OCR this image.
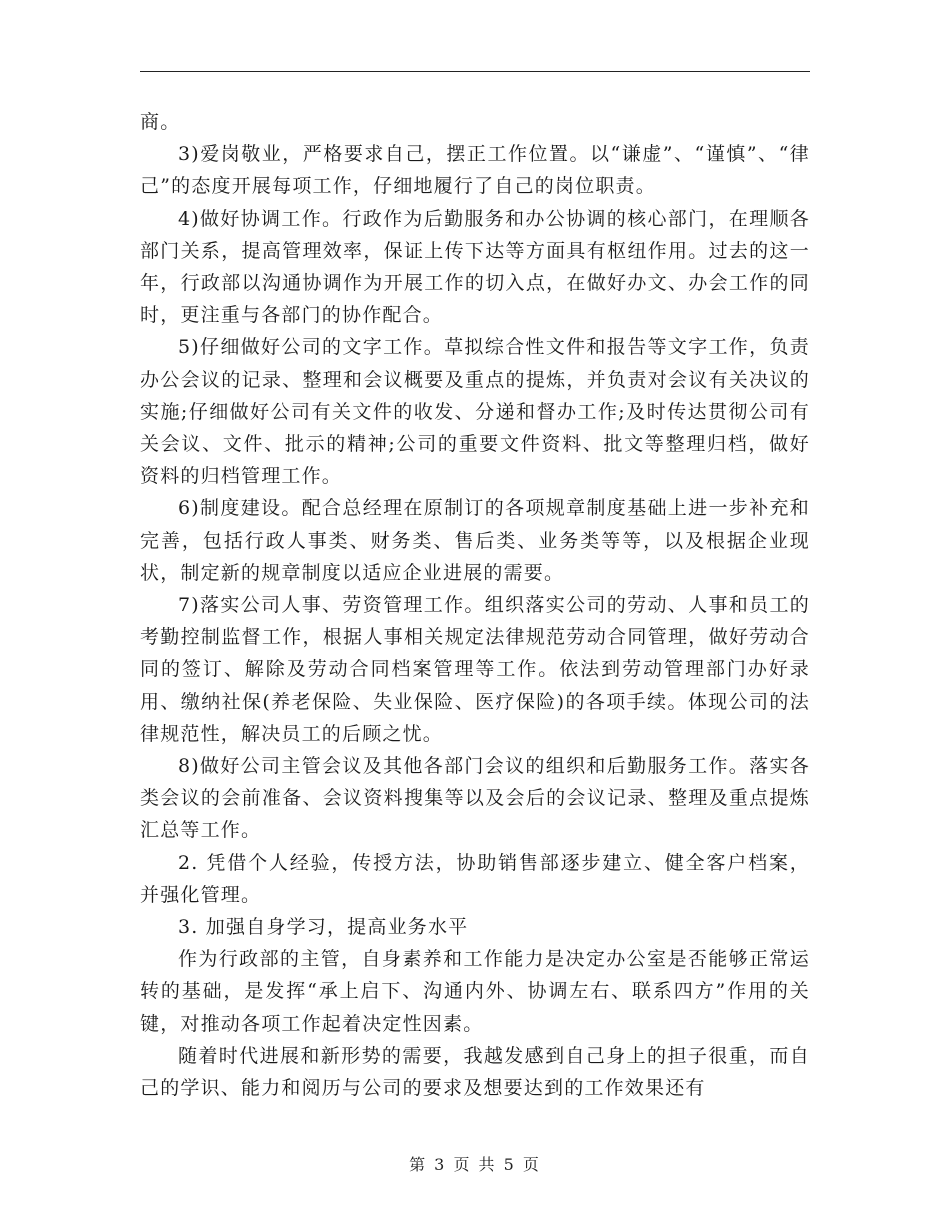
商。

3)爱岗敬业，严格要求自己，摆正工作位置。以“谦虚”、“谨慎”、“律己”的态度开展每项工作，仔细地履行了自己的岗位职责。

4)做好协调工作。行政作为后勤服务和办公协调的核心部门，在理顺各部门关系，提高管理效率，保证上传下达等方面具有枢纽作用。过去的这一年，行政部以沟通协调作为开展工作的切入点，在做好办文、办会工作的同时，更注重与各部门的协作配合。

5)仔细做好公司的文字工作。草拟综合性文件和报告等文字工作，负责办公会议的记录、整理和会议概要及重点的提炼，并负责对会议有关决议的实施;仔细做好公司有关文件的收发、分递和督办工作;及时传达贯彻公司有关会议、文件、批示的精神;公司的重要文件资料、批文等整理归档，做好资料的归档管理工作。

6)制度建设。配合总经理在原制订的各项规章制度基础上进一步补充和完善，包括行政人事类、财务类、售后类、业务类等等，以及根据企业现状，制定新的规章制度以适应企业进展的需要。

7)落实公司人事、劳资管理工作。组织落实公司的劳动、人事和员工的考勤控制监督工作，根据人事相关规定法律规范劳动合同管理，做好劳动合同的签订、解除及劳动合同档案管理等工作。依法到劳动管理部门办好录用、缴纳社保(养老保险、失业保险、医疗保险)的各项手续。体现公司的法律规范性，解决员工的后顾之忧。

8)做好公司主管会议及其他各部门会议的组织和后勤服务工作。落实各类会议的会前准备、会议资料搜集等以及会后的会议记录、整理及重点提炼汇总等工作。

2. 凭借个人经验，传授方法，协助销售部逐步建立、健全客户档案，并强化管理。

3. 加强自身学习，提高业务水平

作为行政部的主管，自身素养和工作能力是决定办公室是否能够正常运转的基础，是发挥“承上启下、沟通内外、协调左右、联系四方”作用的关键，对推动各项工作起着决定性因素。

随着时代进展和新形势的需要，我越发感到自己身上的担子很重，而自己的学识、能力和阅历与公司的要求及想要达到的工作效果还有

第 3 页 共 5 页
